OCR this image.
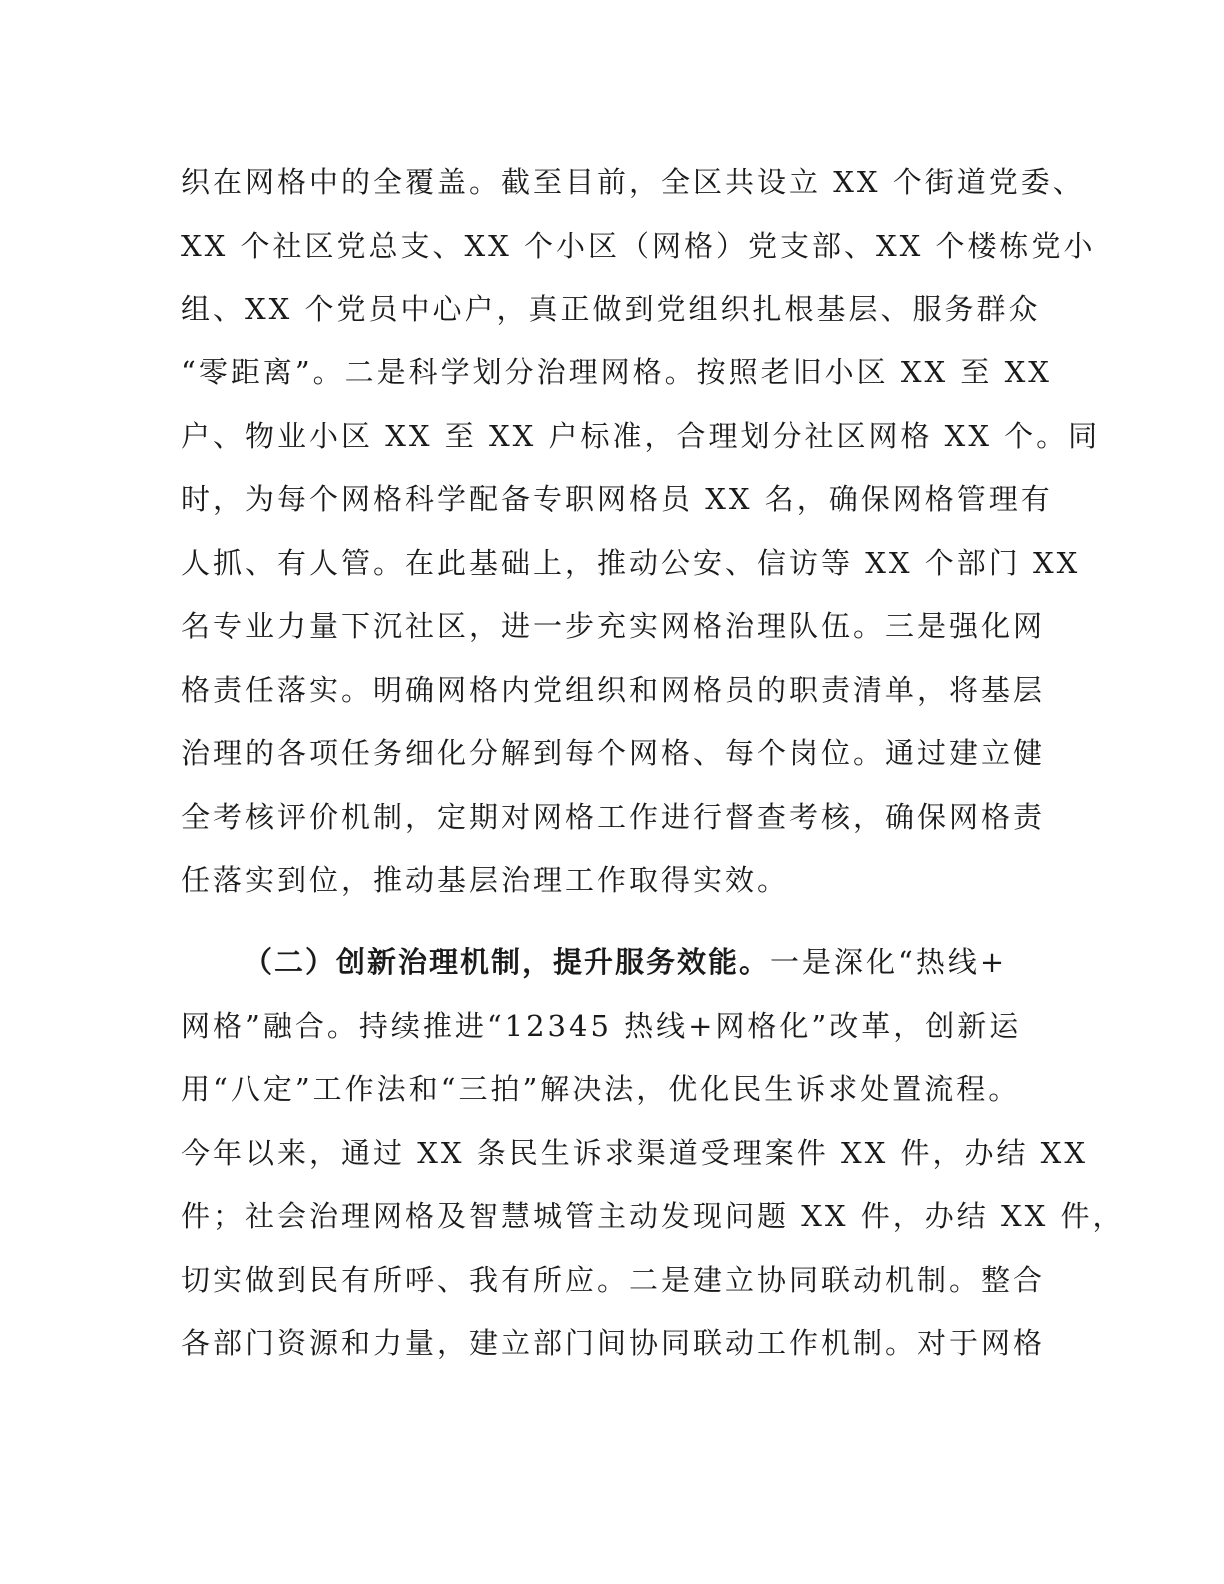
织在网格中的全覆盖。截至目前，全区共设立 XX 个街道党委、
XX 个社区党总支、XX 个小区（网格）党支部、XX 个楼栋党小
组、XX 个党员中心户，真正做到党组织扎根基层、服务群众
“零距离”。二是科学划分治理网格。按照老旧小区 XX 至 XX
户、物业小区 XX 至 XX 户标准，合理划分社区网格 XX 个。同
时，为每个网格科学配备专职网格员 XX 名，确保网格管理有
人抓、有人管。在此基础上，推动公安、信访等 XX 个部门 XX
名专业力量下沉社区，进一步充实网格治理队伍。三是强化网
格责任落实。明确网格内党组织和网格员的职责清单，将基层
治理的各项任务细化分解到每个网格、每个岗位。通过建立健
全考核评价机制，定期对网格工作进行督查考核，确保网格责
任落实到位，推动基层治理工作取得实效。
（二）创新治理机制，提升服务效能。一是深化“热线+
网格”融合。持续推进“12345 热线+网格化”改革，创新运
用“八定”工作法和“三拍”解决法，优化民生诉求处置流程。
今年以来，通过 XX 条民生诉求渠道受理案件 XX 件，办结 XX
件；社会治理网格及智慧城管主动发现问题 XX 件，办结 XX 件，
切实做到民有所呼、我有所应。二是建立协同联动机制。整合
各部门资源和力量，建立部门间协同联动工作机制。对于网格
